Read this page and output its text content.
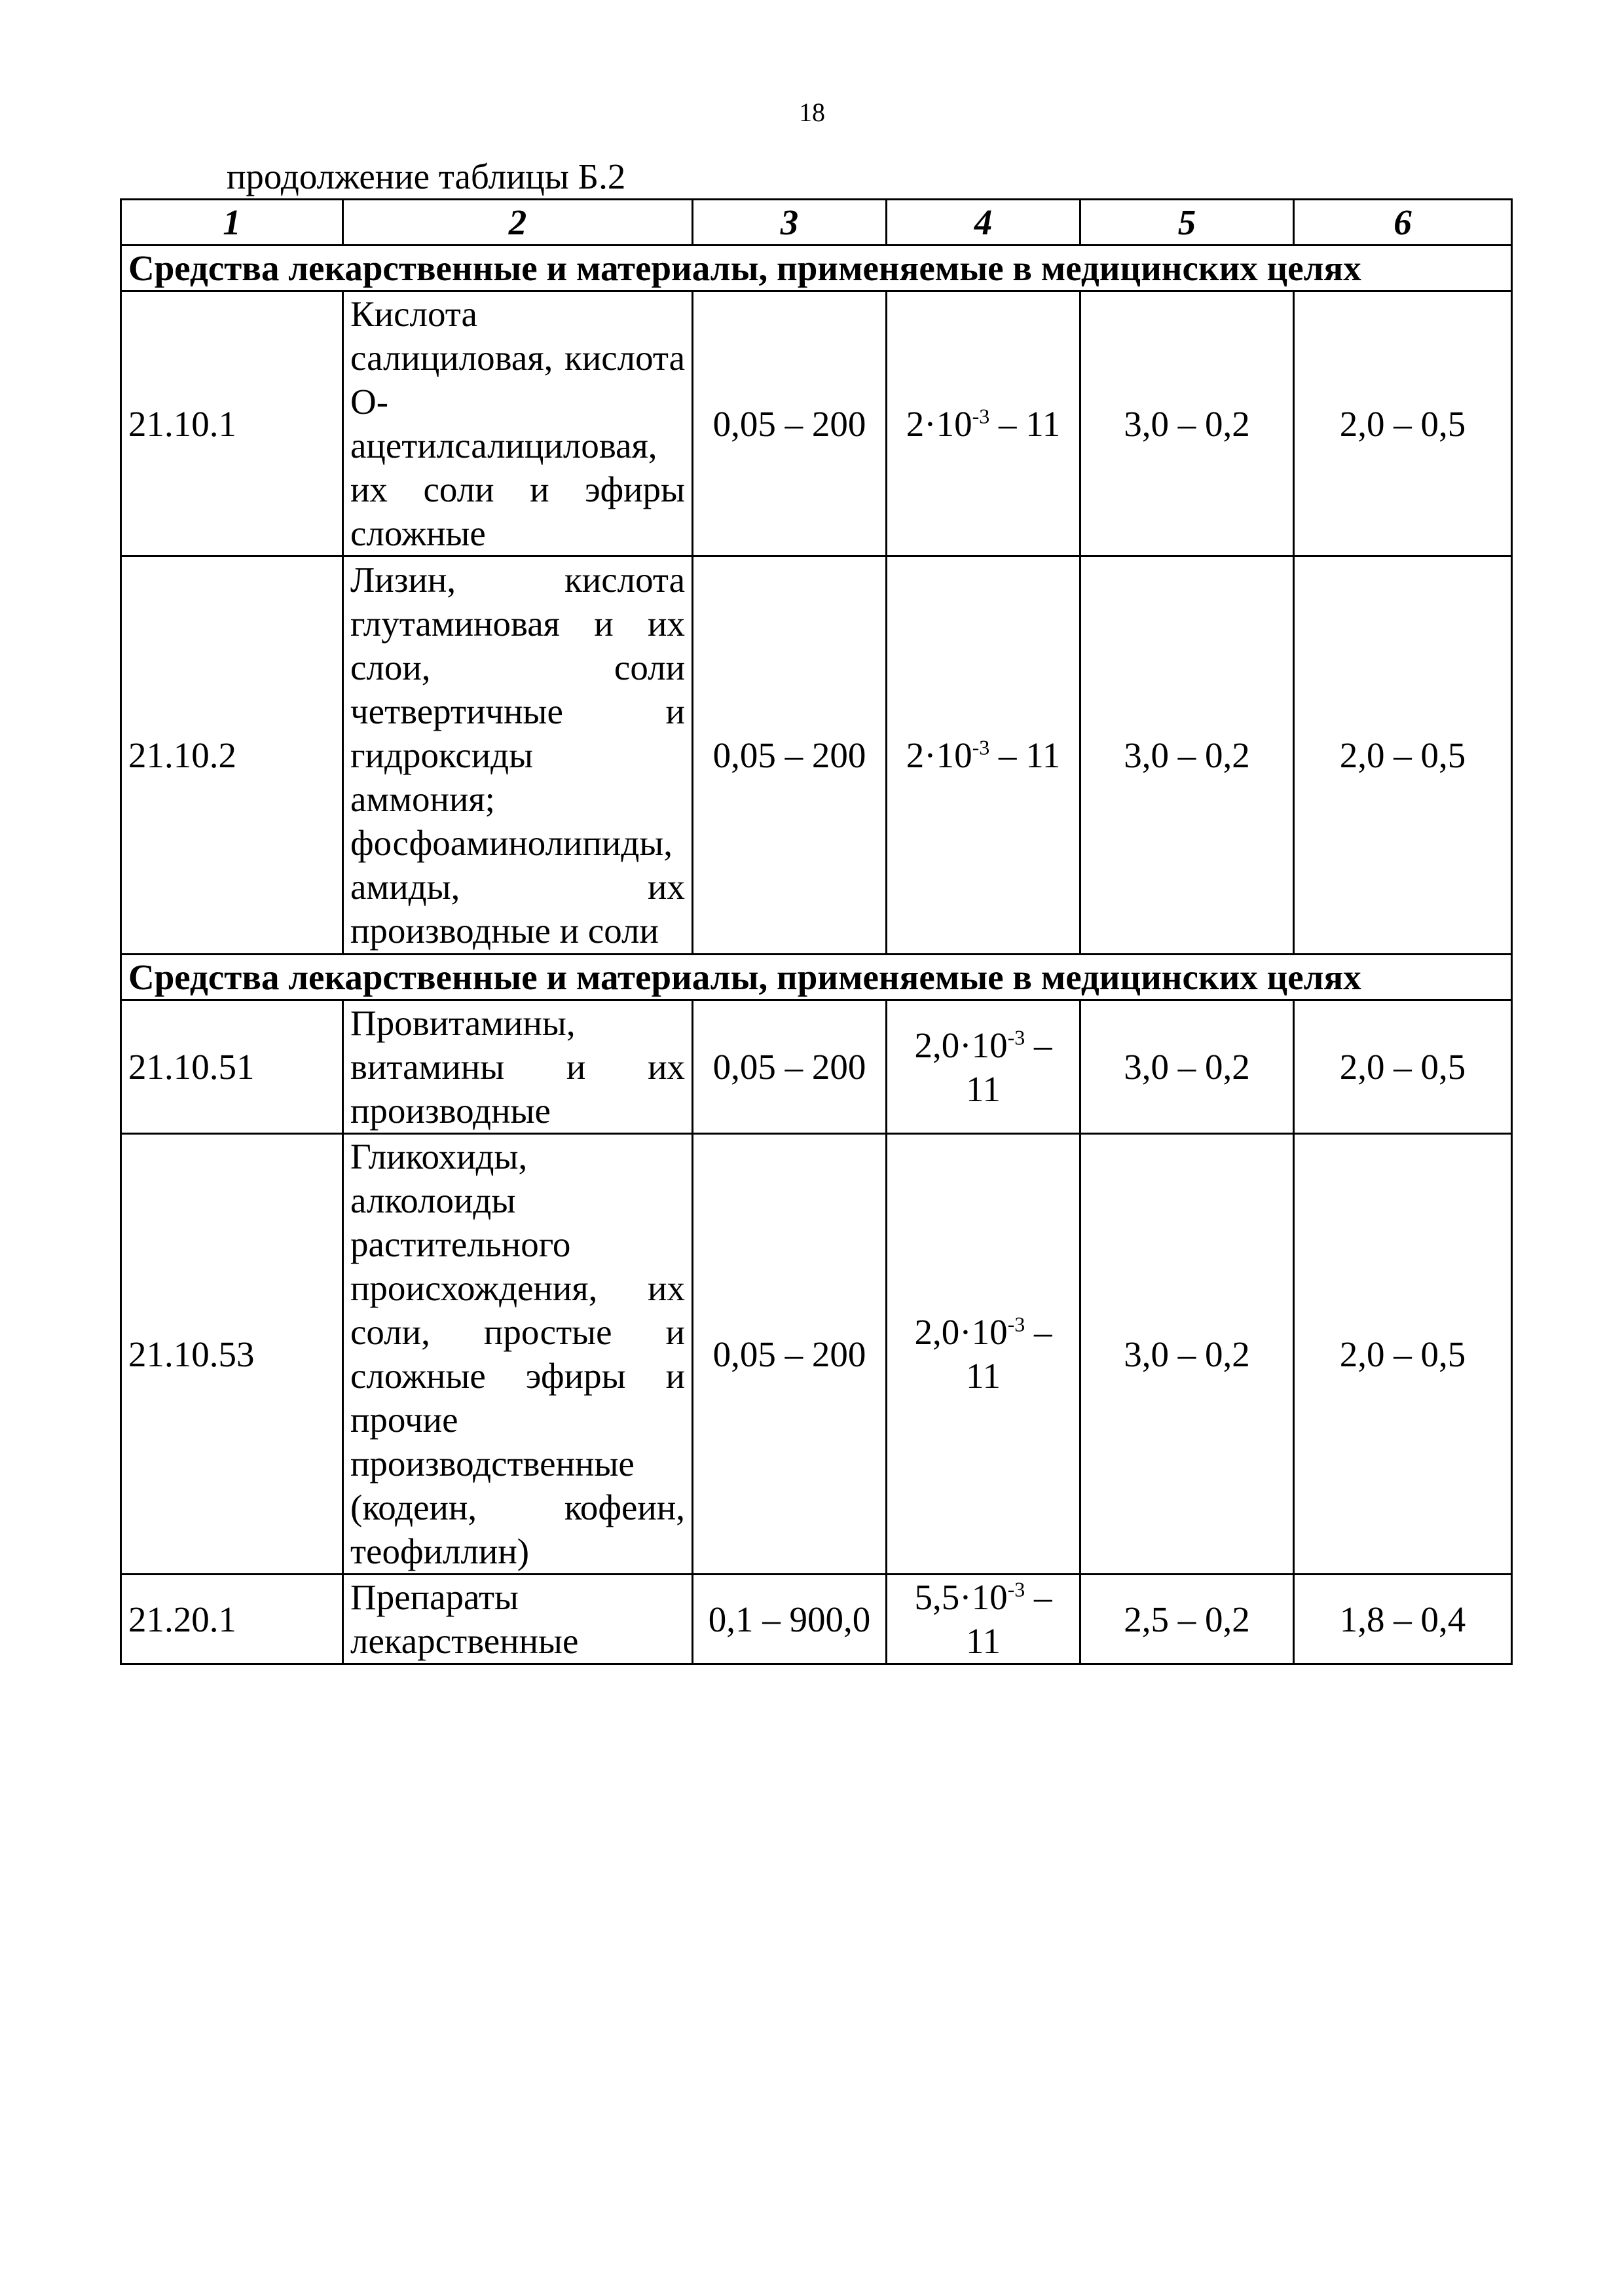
18
продолжение таблицы Б.2
1	2	3	4	5	6
Средства лекарственные и материалы, применяемые в медицинских целях					
21.10.1	Кислота салициловая, кислота О-ацетилсалициловая, их соли и эфиры сложные	0,05 – 200	$2\cdot 10^{-3} - 11$	3,0 – 0,2	2,0 – 0,5
21.10.2	Лизин, кислота глутаминовая и их слои, соли четвертичные и гидроксиды аммония; фосфоаминолипиды, амиды, их производные и соли	0,05 – 200	$2\cdot 10^{-3} - 11$	3,0 – 0,2	2,0 – 0,5
Средства лекарственные и материалы, применяемые в медицинских целях					
21.10.51	Провитамины, витамины и их производные	0,05 – 200	$2,0\cdot 10^{-3} - 11$	3,0 – 0,2	2,0 – 0,5
21.10.53	Гликохиды, алколоиды растительного происхождения, их соли, простые и сложные эфиры и прочие производственные (кодеин, кофеин, теофиллин)	0,05 – 200	$2,0\cdot 10^{-3} - 11$	3,0 – 0,2	2,0 – 0,5
21.20.1	Препараты лекарственные	0,1 – 900,0	$5,5\cdot 10^{-3} - 11$	2,5 – 0,2	1,8 – 0,4
